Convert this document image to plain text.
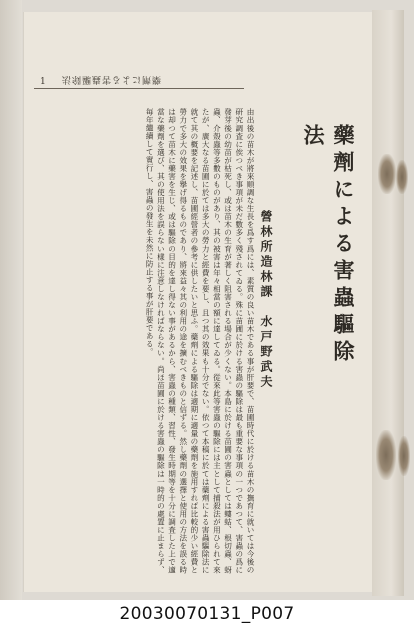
1 藥劑による害蟲驅除法
藥劑による害蟲驅除法
營林所造林課　水戸野武夫
由出後の苗木が將來順調な生長を爲す爲には、素質の良い苗木である事が肝要で、苗圃時代に於ける苗木の撫育に就いては今後の研究調査に俟つべき事項が未だ數多く殘されてゐる。殊に苗圃に於ける害蟲の驅除は最も重要な事項の一つであつて、害蟲の爲に發芽後の幼苗が枯死し、或は苗木の生育が著しく阻害される場合が少くない。本島に於ける苗圃の害蟲としては螻蛄、根切蟲、蚜蟲、介殼蟲等多數のものがあり、其の被害は年々相當の額に達してゐる。從來此等害蟲の驅除には主として捕殺法が用ひられて來たが、廣大なる苗圃に於ては多大の勞力と經費を要し、且つ其の效果も十分でない。依つて本稿に於ては藥劑による害蟲驅除法に就て其の概要を記述し、苗圃經營者の參考に供したいと思ふ。藥劑による驅除は適期に適量の藥劑を施用すれば比較的少い經費と勞力で多大の效果を擧げ得るものであり、將來益々其の利用の途を擴むべきものと信ずる。然し藥劑の選擇と使用の方法を誤る時は却つて苗木に藥害を生じ、或は驅除の目的を達し得ない事があるから、害蟲の種類、習性、發生時期等を十分に調査した上で適當な藥劑を選び、其の使用法を誤らない樣に注意しなければならない。尚ほ苗圃に於ける害蟲の驅除は一時的の處置に止まらず、毎年繼續して實行し、害蟲の發生を未然に防止する事が肝要である。
20030070131_P007
